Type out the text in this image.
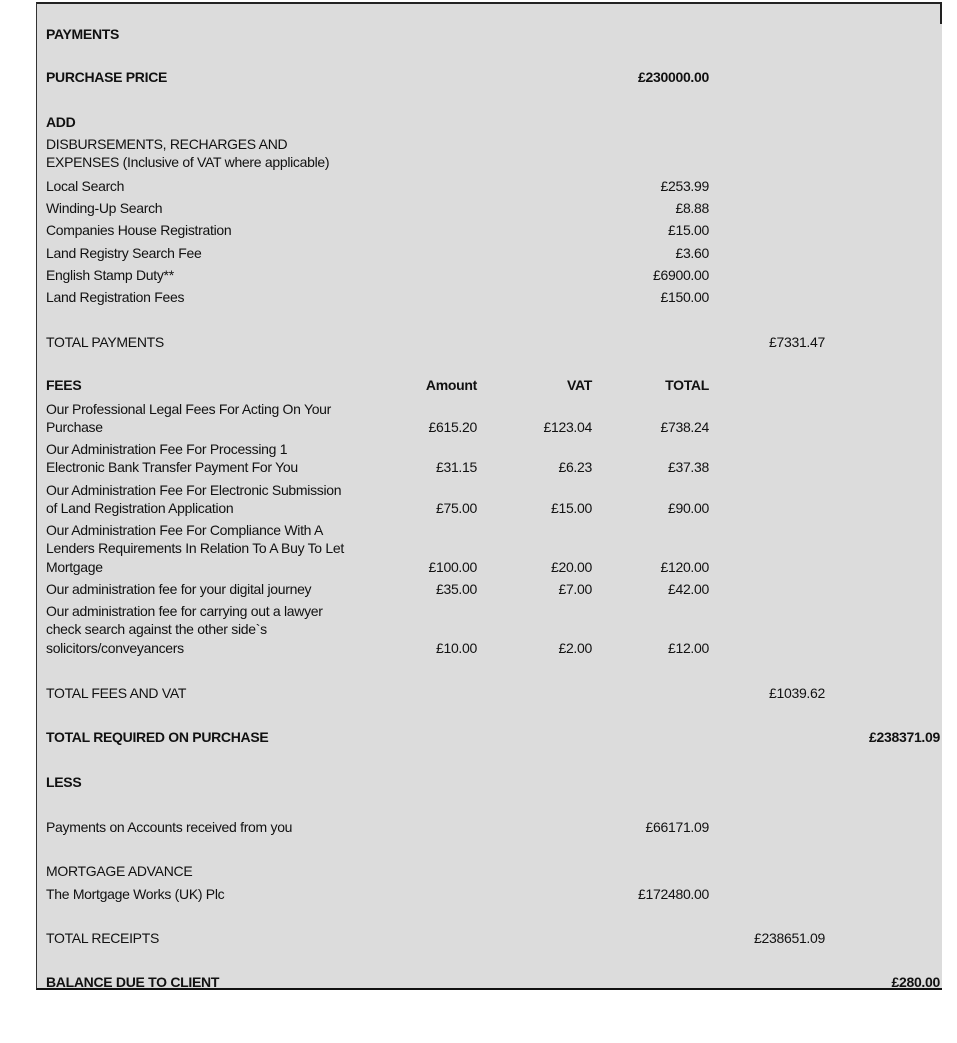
PAYMENTS
PURCHASE PRICE	£230000.00
ADD
DISBURSEMENTS, RECHARGES AND
EXPENSES (Inclusive of VAT where applicable)
Local Search	£253.99
Winding-Up Search	£8.88
Companies House Registration	£15.00
Land Registry Search Fee	£3.60
English Stamp Duty**	£6900.00
Land Registration Fees	£150.00
TOTAL PAYMENTS	£7331.47
FEES	Amount	VAT	TOTAL
Our Professional Legal Fees For Acting On Your
Purchase	£615.20	£123.04	£738.24
Our Administration Fee For Processing 1
Electronic Bank Transfer Payment For You	£31.15	£6.23	£37.38
Our Administration Fee For Electronic Submission
of Land Registration Application	£75.00	£15.00	£90.00
Our Administration Fee For Compliance With A
Lenders Requirements In Relation To A Buy To Let
Mortgage	£100.00	£20.00	£120.00
Our administration fee for your digital journey	£35.00	£7.00	£42.00
Our administration fee for carrying out a lawyer
check search against the other side`s
solicitors/conveyancers	£10.00	£2.00	£12.00
TOTAL FEES AND VAT	£1039.62
TOTAL REQUIRED ON PURCHASE	£238371.09
LESS
Payments on Accounts received from you	£66171.09
MORTGAGE ADVANCE
The Mortgage Works (UK) Plc	£172480.00
TOTAL RECEIPTS	£238651.09
BALANCE DUE TO CLIENT	£280.00
